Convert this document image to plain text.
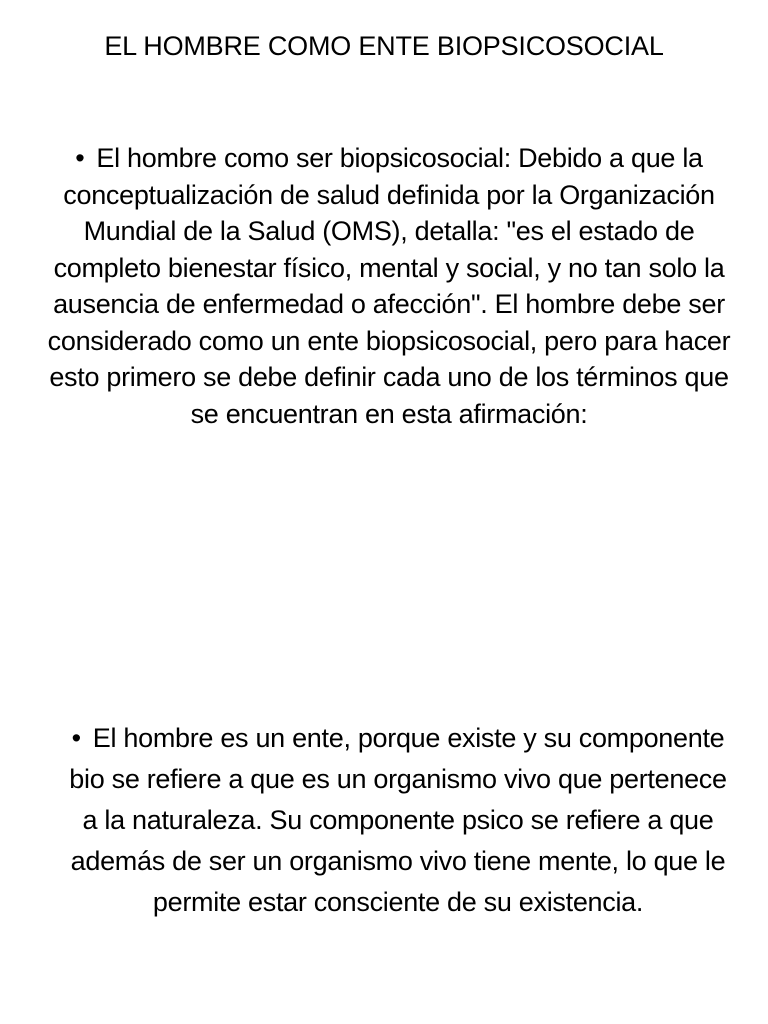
EL HOMBRE COMO ENTE BIOPSICOSOCIAL
• El hombre como ser biopsicosocial: Debido a que la conceptualización de salud definida por la Organización Mundial de la Salud (OMS), detalla: "es el estado de completo bienestar físico, mental y social, y no tan solo la ausencia de enfermedad o afección". El hombre debe ser considerado como un ente biopsicosocial, pero para hacer esto primero se debe definir cada uno de los términos que se encuentran en esta afirmación:
• El hombre es un ente, porque existe y su componente bio se refiere a que es un organismo vivo que pertenece a la naturaleza. Su componente psico se refiere a que además de ser un organismo vivo tiene mente, lo que le permite estar consciente de su existencia.
